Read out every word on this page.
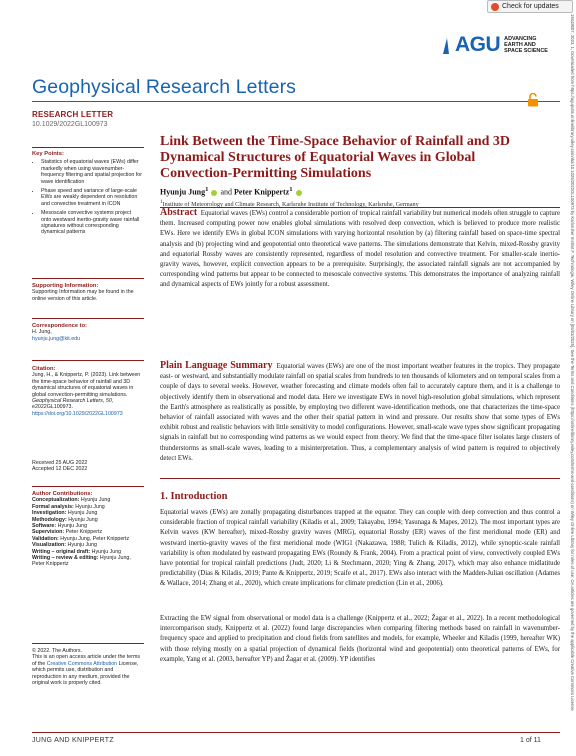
Check for updates
AGU ADVANCING
EARTH AND
SPACE SCIENCE
Geophysical Research Letters
RESEARCH LETTER
10.1029/2022GL100973
Key Points:
• Statistics of equatorial waves (EWs) differ markedly when using wavenumber-frequency filtering and spatial projection for wave identification
• Phase speed and variance of large-scale EWs are weakly dependent on resolution and convective treatment in ICON
• Mesoscale convective systems project onto westward inertio-gravity wave rainfall signatures without corresponding dynamical patterns
Supporting Information:
Supporting Information may be found in the online version of this article.
Correspondence to:
H. Jung,
hyunju.jung@kit.edu
Citation:
Jung, H., & Knippertz, P. (2023). Link between the time-space behavior of rainfall and 3D dynamical structures of equatorial waves in global convection-permitting simulations. Geophysical Research Letters, 50, e2022GL100973. https://doi.org/10.1029/2022GL100973
Received 25 AUG 2022
Accepted 12 DEC 2022
Author Contributions:
Conceptualization: Hyunju Jung
Formal analysis: Hyunju Jung
Investigation: Hyunju Jung
Methodology: Hyunju Jung
Software: Hyunju Jung
Supervision: Peter Knippertz
Validation: Hyunju Jung, Peter Knippertz
Visualization: Hyunju Jung
Writing – original draft: Hyunju Jung
Writing – review & editing: Hyunju Jung, Peter Knippertz
© 2022. The Authors.
This is an open access article under the terms of the Creative Commons Attribution License, which permits use, distribution and reproduction in any medium, provided the original work is properly cited.
Link Between the Time-Space Behavior of Rainfall and 3D Dynamical Structures of Equatorial Waves in Global Convection-Permitting Simulations
Hyunju Jung$^1$  and Peter Knippertz$^1$
$^1$Institute of Meteorology and Climate Research, Karlsruhe Institute of Technology, Karlsruhe, Germany

Abstract Equatorial waves (EWs) control a considerable portion of tropical rainfall variability but numerical models often struggle to capture them. Increased computing power now enables global simulations with resolved deep convection, which is believed to produce more realistic EWs. Here we identify EWs in global ICON simulations with varying horizontal resolution by (a) filtering rainfall based on space-time spectral analysis and (b) projecting wind and geopotential onto theoretical wave patterns. The simulations demonstrate that Kelvin, mixed-Rossby gravity and equatorial Rossby waves are consistently represented, regardless of model resolution and convective treatment. For smaller-scale inertio-gravity waves, however, explicit convection appears to be a prerequisite. Surprisingly, the associated rainfall signals are not accompanied by corresponding wind patterns but appear to be connected to mesoscale convective systems. This demonstrates the importance of analyzing rainfall and dynamical aspects of EWs jointly for a robust assessment.

Plain Language Summary Equatorial waves (EWs) are one of the most important weather features in the tropics. They propagate east- or westward, and substantially modulate rainfall on spatial scales from hundreds to ten thousands of kilometers and on temporal scales from a couple of days to several weeks. However, weather forecasting and climate models often fail to accurately capture them, and it is a challenge to objectively identify them in observational and model data. Here we investigate EWs in novel high-resolution global simulations, which represent the Earth's atmosphere as realistically as possible, by employing two different wave-identification methods, one that characterizes the time-space behavior of rainfall associated with waves and the other their spatial pattern in wind and pressure. Our results show that some types of EWs exhibit robust and realistic behaviors with little sensitivity to model configurations. However, small-scale wave types show significant propagating signals in rainfall but no corresponding wind patterns as we would expect from theory. We find that the time-space filter isolates large clusters of thunderstorms as small-scale waves, leading to a misinterpretation. Thus, a complementary analysis of wind pattern is required to objectively detect EWs.

1. Introduction

Equatorial waves (EWs) are zonally propagating disturbances trapped at the equator. They can couple with deep convection and thus control a considerable fraction of tropical rainfall variability (Kiladis et al., 2009; Takayabu, 1994; Yasunaga & Mapes, 2012). The most important types are Kelvin waves (KW hereafter), mixed-Rossby gravity waves (MRG), equatorial Rossby (ER) waves of the first meridional mode (ER) and westward inertio-gravity waves of the first meridional mode (WIG1 (Nakazawa, 1988; Tulich & Kiladis, 2012), while synoptic-scale rainfall variability is often modulated by eastward propagating EWs (Roundy & Frank, 2004). From a practical point of view, convectively coupled EWs have potential for tropical rainfall predictions (Judt, 2020; Li & Stechmann, 2020; Ying & Zhang, 2017), which may also enhance midlatitude predictability (Dias & Kiladis, 2019; Pante & Knippertz, 2019; Scaife et al., 2017). EWs also interact with the Madden-Julian oscillation (Adames & Wallace, 2014; Zhang et al., 2020), which create implications for climate prediction (Lin et al., 2006).

Extracting the EW signal from observational or model data is a challenge (Knippertz et al., 2022; Žagar et al., 2022). In a recent methodological intercomparison study, Knippertz et al. (2022) found large discrepancies when comparing filtering methods based on rainfall in wavenumber-frequency space and applied to precipitation and cloud fields from satellites and models, for example, Wheeler and Kiladis (1999, hereafter WK) with those relying mostly on a spatial projection of dynamical fields (horizontal wind and geopotential) onto theoretical patterns of EWs, for example, Yang et al. (2003, hereafter YP) and Žagar et al. (2009). YP identifies

JUNG AND KNIPPERTZ	1 of 11
19448007, 2023, 1, Downloaded from https://agupubs.onlinelibrary.wiley.com/doi/10.1029/2022GL100973 by Karlsruher Institut F. Technologie, Wiley Online Library on [05/03/2025]. See the Terms and Conditions (https://onlinelibrary.wiley.com/terms-and-conditions) on Wiley Online Library for rules of use; OA articles are governed by the applicable Creative Commons License
